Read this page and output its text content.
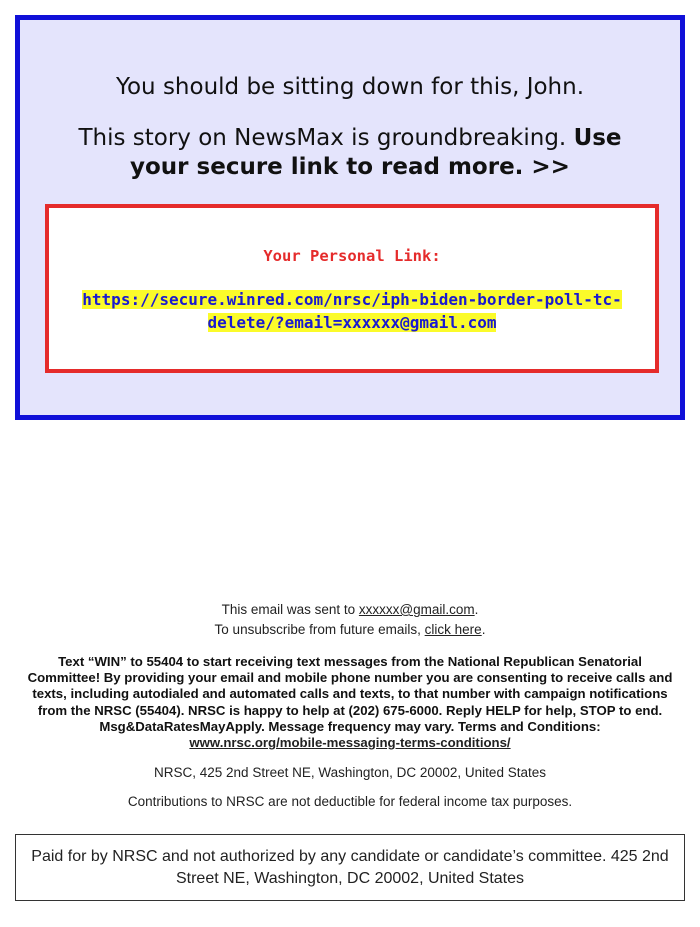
You should be sitting down for this, John.
This story on NewsMax is groundbreaking. Use your secure link to read more. >>
Your Personal Link:
https://secure.winred.com/nrsc/iph-biden-border-poll-tc-delete/?email=xxxxxx@gmail.com
This email was sent to xxxxxx@gmail.com.
To unsubscribe from future emails, click here.
Text “WIN” to 55404 to start receiving text messages from the National Republican Senatorial Committee! By providing your email and mobile phone number you are consenting to receive calls and texts, including autodialed and automated calls and texts, to that number with campaign notifications from the NRSC (55404). NRSC is happy to help at (202) 675-6000. Reply HELP for help, STOP to end. Msg&DataRatesMayApply. Message frequency may vary. Terms and Conditions:
www.nrsc.org/mobile-messaging-terms-conditions/
NRSC, 425 2nd Street NE, Washington, DC 20002, United States
Contributions to NRSC are not deductible for federal income tax purposes.
Paid for by NRSC and not authorized by any candidate or candidate’s committee. 425 2nd Street NE, Washington, DC 20002, United States
